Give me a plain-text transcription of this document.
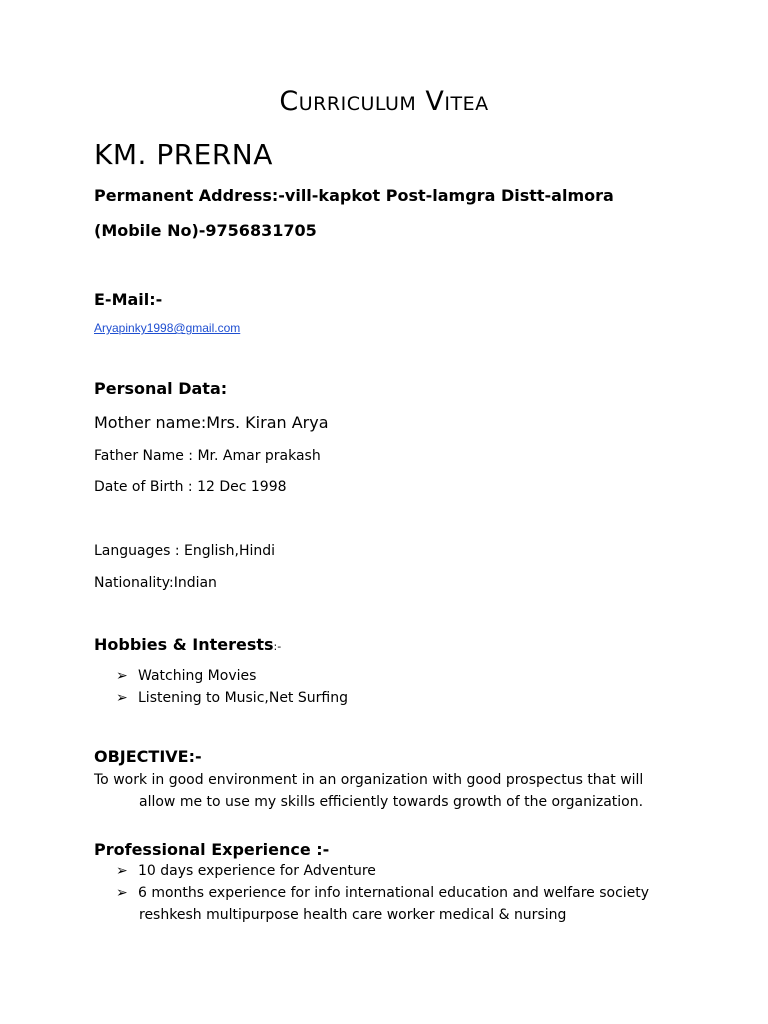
Curriculum Vitea
KM. PRERNA
Permanent Address:-vill-kapkot Post-lamgra Distt-almora
(Mobile No)-9756831705
E-Mail:-
Aryapinky1998@gmail.com
Personal Data:
Mother name:Mrs. Kiran Arya
Father Name : Mr. Amar prakash
Date of Birth : 12 Dec 1998
Languages : English,Hindi
Nationality:Indian
Hobbies & Interests:-
➢ Watching Movies
➢ Listening to Music,Net Surfing
OBJECTIVE:-
To work in good environment in an organization with good prospectus that will
allow me to use my skills efficiently towards growth of the organization.
Professional Experience :-
➢ 10 days experience for Adventure
➢ 6 months experience for info international education and welfare society
reshkesh multipurpose health care worker medical & nursing
